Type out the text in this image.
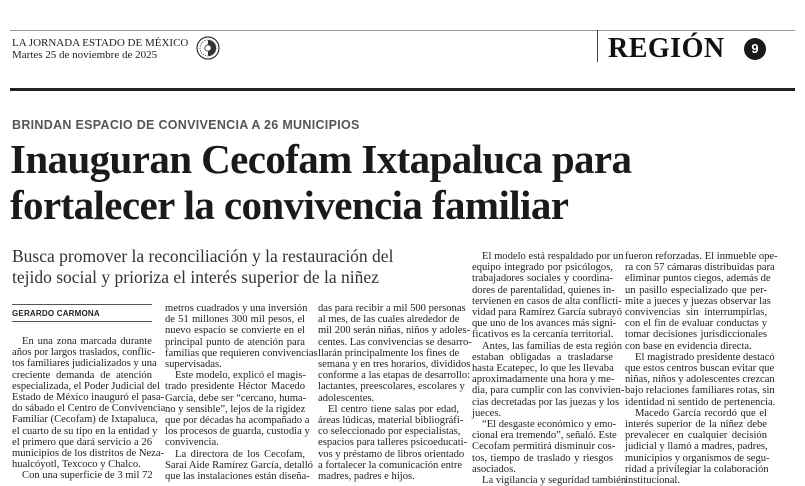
LA JORNADA ESTADO DE MÉXICO
Martes 25 de noviembre de 2025	REGIÓN	9
BRINDAN ESPACIO DE CONVIVENCIA A 26 MUNICIPIOS
Inauguran Cecofam Ixtapaluca para
fortalecer la convivencia familiar
Busca promover la reconciliación y la restauración del
tejido social y prioriza el interés superior de la niñez
GERARDO CARMONA
En una zona marcada durante
años por largos traslados, conflic-
tos familiares judicializados y una
creciente demanda de atención
especializada, el Poder Judicial del
Estado de México inauguró el pasa-
do sábado el Centro de Convivencia
Familiar (Cecofam) de Ixtapaluca,
el cuarto de su tipo en la entidad y
el primero que dará servicio a 26
municipios de los distritos de Neza-
hualcóyotl, Texcoco y Chalco.
Con una superficie de 3 mil 72
metros cuadrados y una inversión
de 51 millones 300 mil pesos, el
nuevo espacio se convierte en el
principal punto de atención para
familias que requieren convivencias
supervisadas.
Este modelo, explicó el magis-
trado presidente Héctor Macedo
García, debe ser “cercano, huma-
no y sensible”, lejos de la rigidez
que por décadas ha acompañado a
los procesos de guarda, custodia y
convivencia.
La directora de los Cecofam,
Saraí Aide Ramírez García, detalló
que las instalaciones están diseña-
das para recibir a mil 500 personas
al mes, de las cuales alrededor de
mil 200 serán niñas, niños y adoles-
centes. Las convivencias se desarro-
llarán principalmente los fines de
semana y en tres horarios, divididos
conforme a las etapas de desarrollo:
lactantes, preescolares, escolares y
adolescentes.
El centro tiene salas por edad,
áreas lúdicas, material bibliográfi-
co seleccionado por especialistas,
espacios para talleres psicoeducati-
vos y préstamo de libros orientado
a fortalecer la comunicación entre
madres, padres e hijos.
El modelo está respaldado por un
equipo integrado por psicólogos,
trabajadores sociales y coordina-
dores de parentalidad, quienes in-
tervienen en casos de alta conflicti-
vidad para Ramírez García subrayó
que uno de los avances más signi-
ficativos es la cercanía territorial.
Antes, las familias de esta región
estaban obligadas a trasladarse
hasta Ecatepec, lo que les llevaba
aproximadamente una hora y me-
dia, para cumplir con las convivien-
cias decretadas por las juezas y los
jueces.
“El desgaste económico y emo-
cional era tremendo”, señaló. Este
Cecofam permitirá disminuir cos-
tos, tiempo de traslado y riesgos
asociados.
La vigilancia y seguridad también
fueron reforzadas. El inmueble ope-
ra con 57 cámaras distribuidas para
eliminar puntos ciegos, además de
un pasillo especializado que per-
mite a jueces y juezas observar las
convivencias sin interrumpirlas,
con el fin de evaluar conductas y
tomar decisiones jurisdiccionales
con base en evidencia directa.
El magistrado presidente destacó
que estos centros buscan evitar que
niñas, niños y adolescentes crezcan
bajo relaciones familiares rotas, sin
identidad ni sentido de pertenencia.
Macedo García recordó que el
interés superior de la niñez debe
prevalecer en cualquier decisión
judicial y llamó a madres, padres,
municipios y organismos de segu-
ridad a privilegiar la colaboración
institucional.
